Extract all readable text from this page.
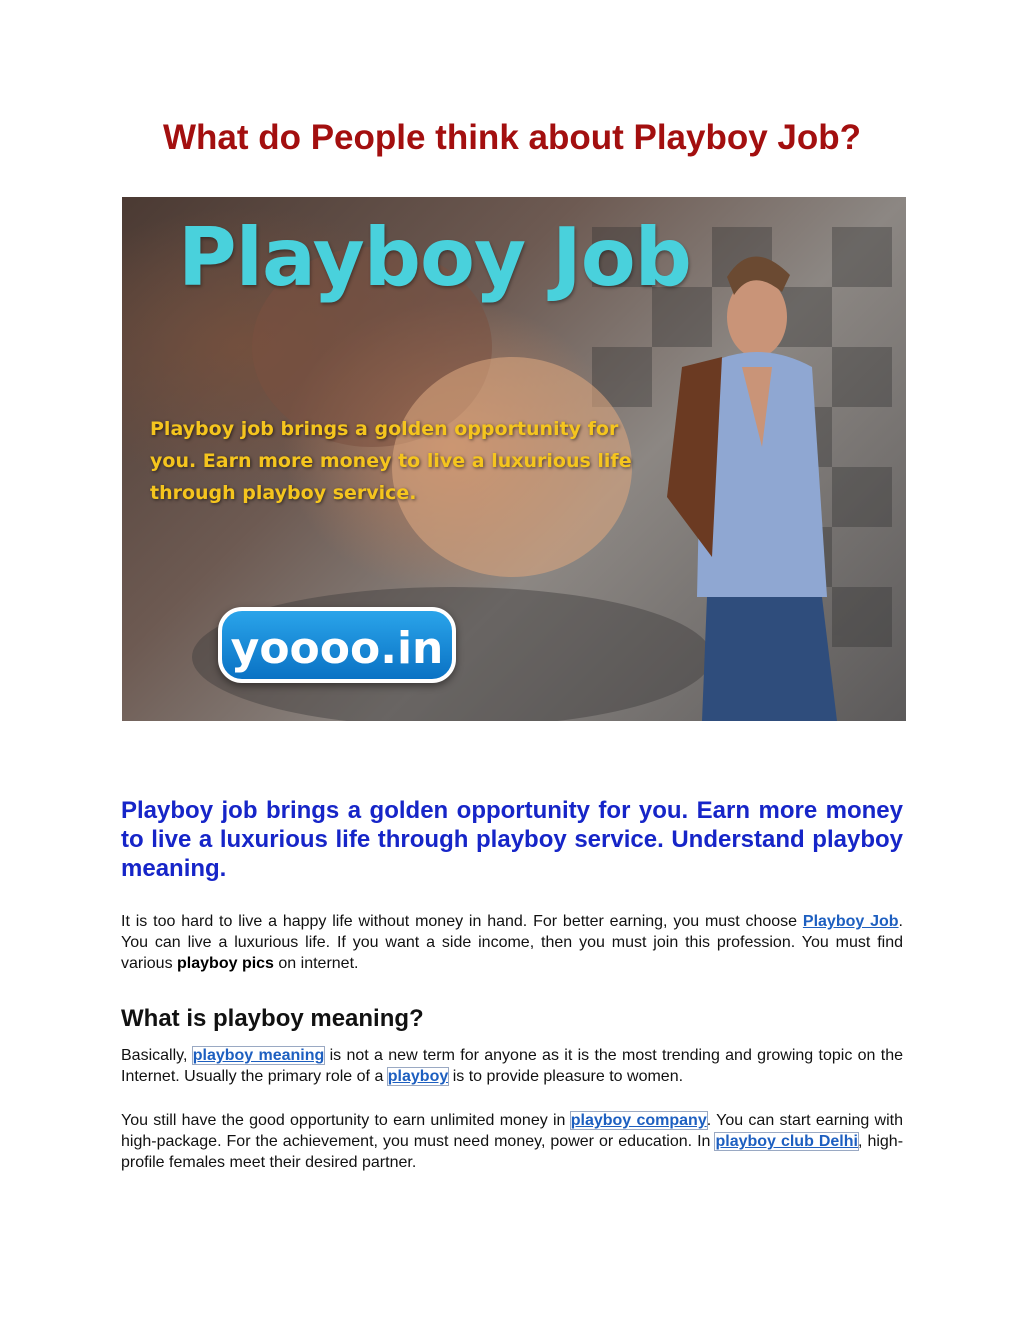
What do People think about Playboy Job?
Playboy Job
Playboy job brings a golden opportunity for you. Earn more money to live a luxurious life through playboy service.
yoooo.in
Playboy job brings a golden opportunity for you. Earn more money to live a luxurious life through playboy service. Understand playboy meaning.

It is too hard to live a happy life without money in hand. For better earning, you must choose Playboy Job. You can live a luxurious life. If you want a side income, then you must join this profession. You must find various playboy pics on internet.

What is playboy meaning?

Basically, playboy meaning is not a new term for anyone as it is the most trending and growing topic on the Internet. Usually the primary role of a playboy is to provide pleasure to women.

You still have the good opportunity to earn unlimited money in playboy company. You can start earning with high-package. For the achievement, you must need money, power or education. In playboy club Delhi, high-profile females meet their desired partner.
